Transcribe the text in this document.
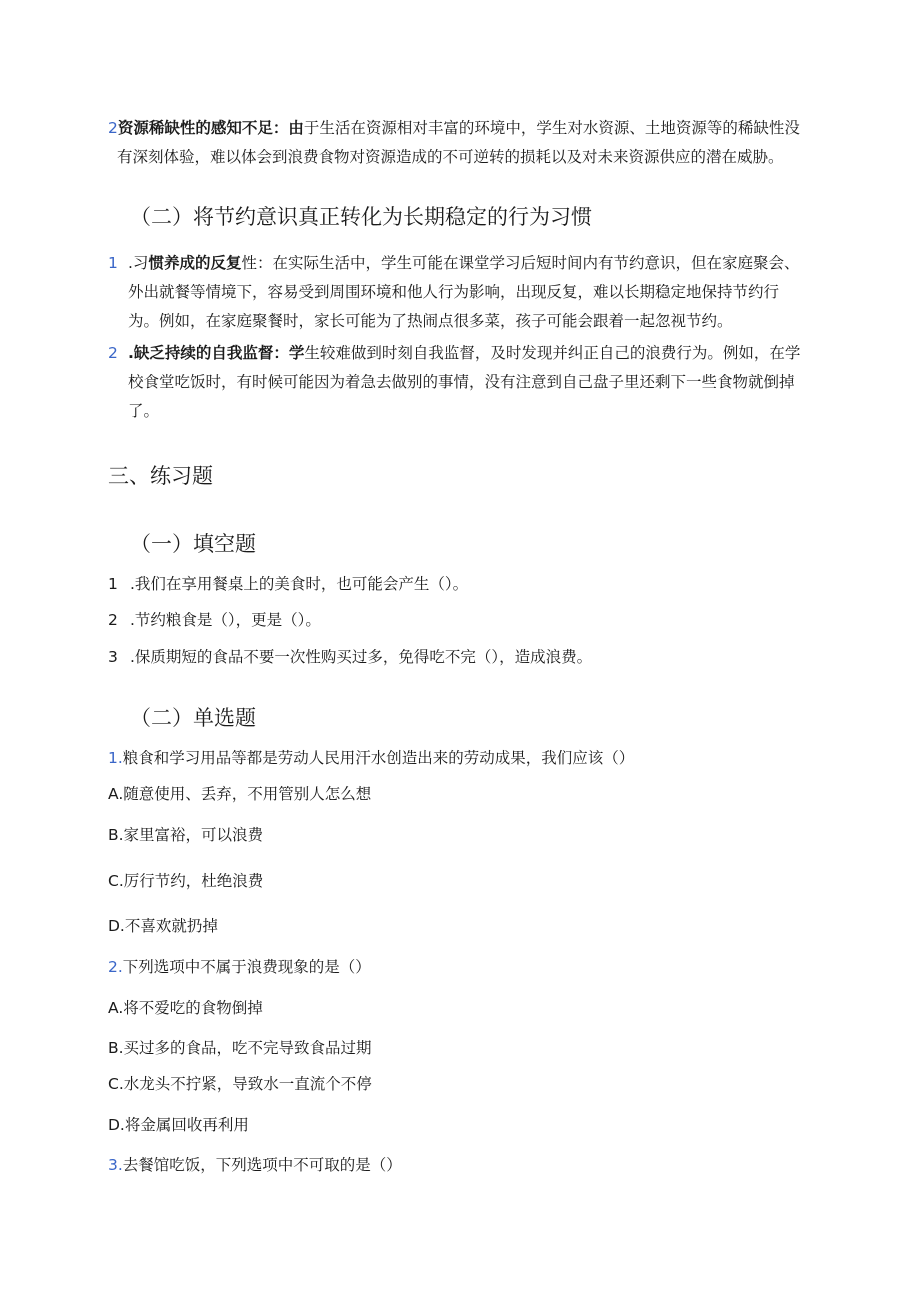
2资源稀缺性的感知不足：由于生活在资源相对丰富的环境中，学生对水资源、土地资源等的稀缺性没
有深刻体验，难以体会到浪费食物对资源造成的不可逆转的损耗以及对未来资源供应的潜在威胁。
（二）将节约意识真正转化为长期稳定的行为习惯
1 .习惯养成的反复性：在实际生活中，学生可能在课堂学习后短时间内有节约意识，但在家庭聚会、
外出就餐等情境下，容易受到周围环境和他人行为影响，出现反复，难以长期稳定地保持节约行
为。例如，在家庭聚餐时，家长可能为了热闹点很多菜，孩子可能会跟着一起忽视节约。
2 .缺乏持续的自我监督：学生较难做到时刻自我监督，及时发现并纠正自己的浪费行为。例如，在学
校食堂吃饭时，有时候可能因为着急去做别的事情，没有注意到自己盘子里还剩下一些食物就倒掉
了。
三、练习题
（一）填空题
1 .我们在享用餐桌上的美食时，也可能会产生（）。
2 .节约粮食是（），更是（）。
3 .保质期短的食品不要一次性购买过多，免得吃不完（），造成浪费。
（二）单选题
1.粮食和学习用品等都是劳动人民用汗水创造出来的劳动成果，我们应该（）
A.随意使用、丢弃，不用管别人怎么想
B.家里富裕，可以浪费
C.厉行节约，杜绝浪费
D.不喜欢就扔掉
2.下列选项中不属于浪费现象的是（）
A.将不爱吃的食物倒掉
B.买过多的食品，吃不完导致食品过期
C.水龙头不拧紧，导致水一直流个不停
D.将金属回收再利用
3.去餐馆吃饭，下列选项中不可取的是（）
